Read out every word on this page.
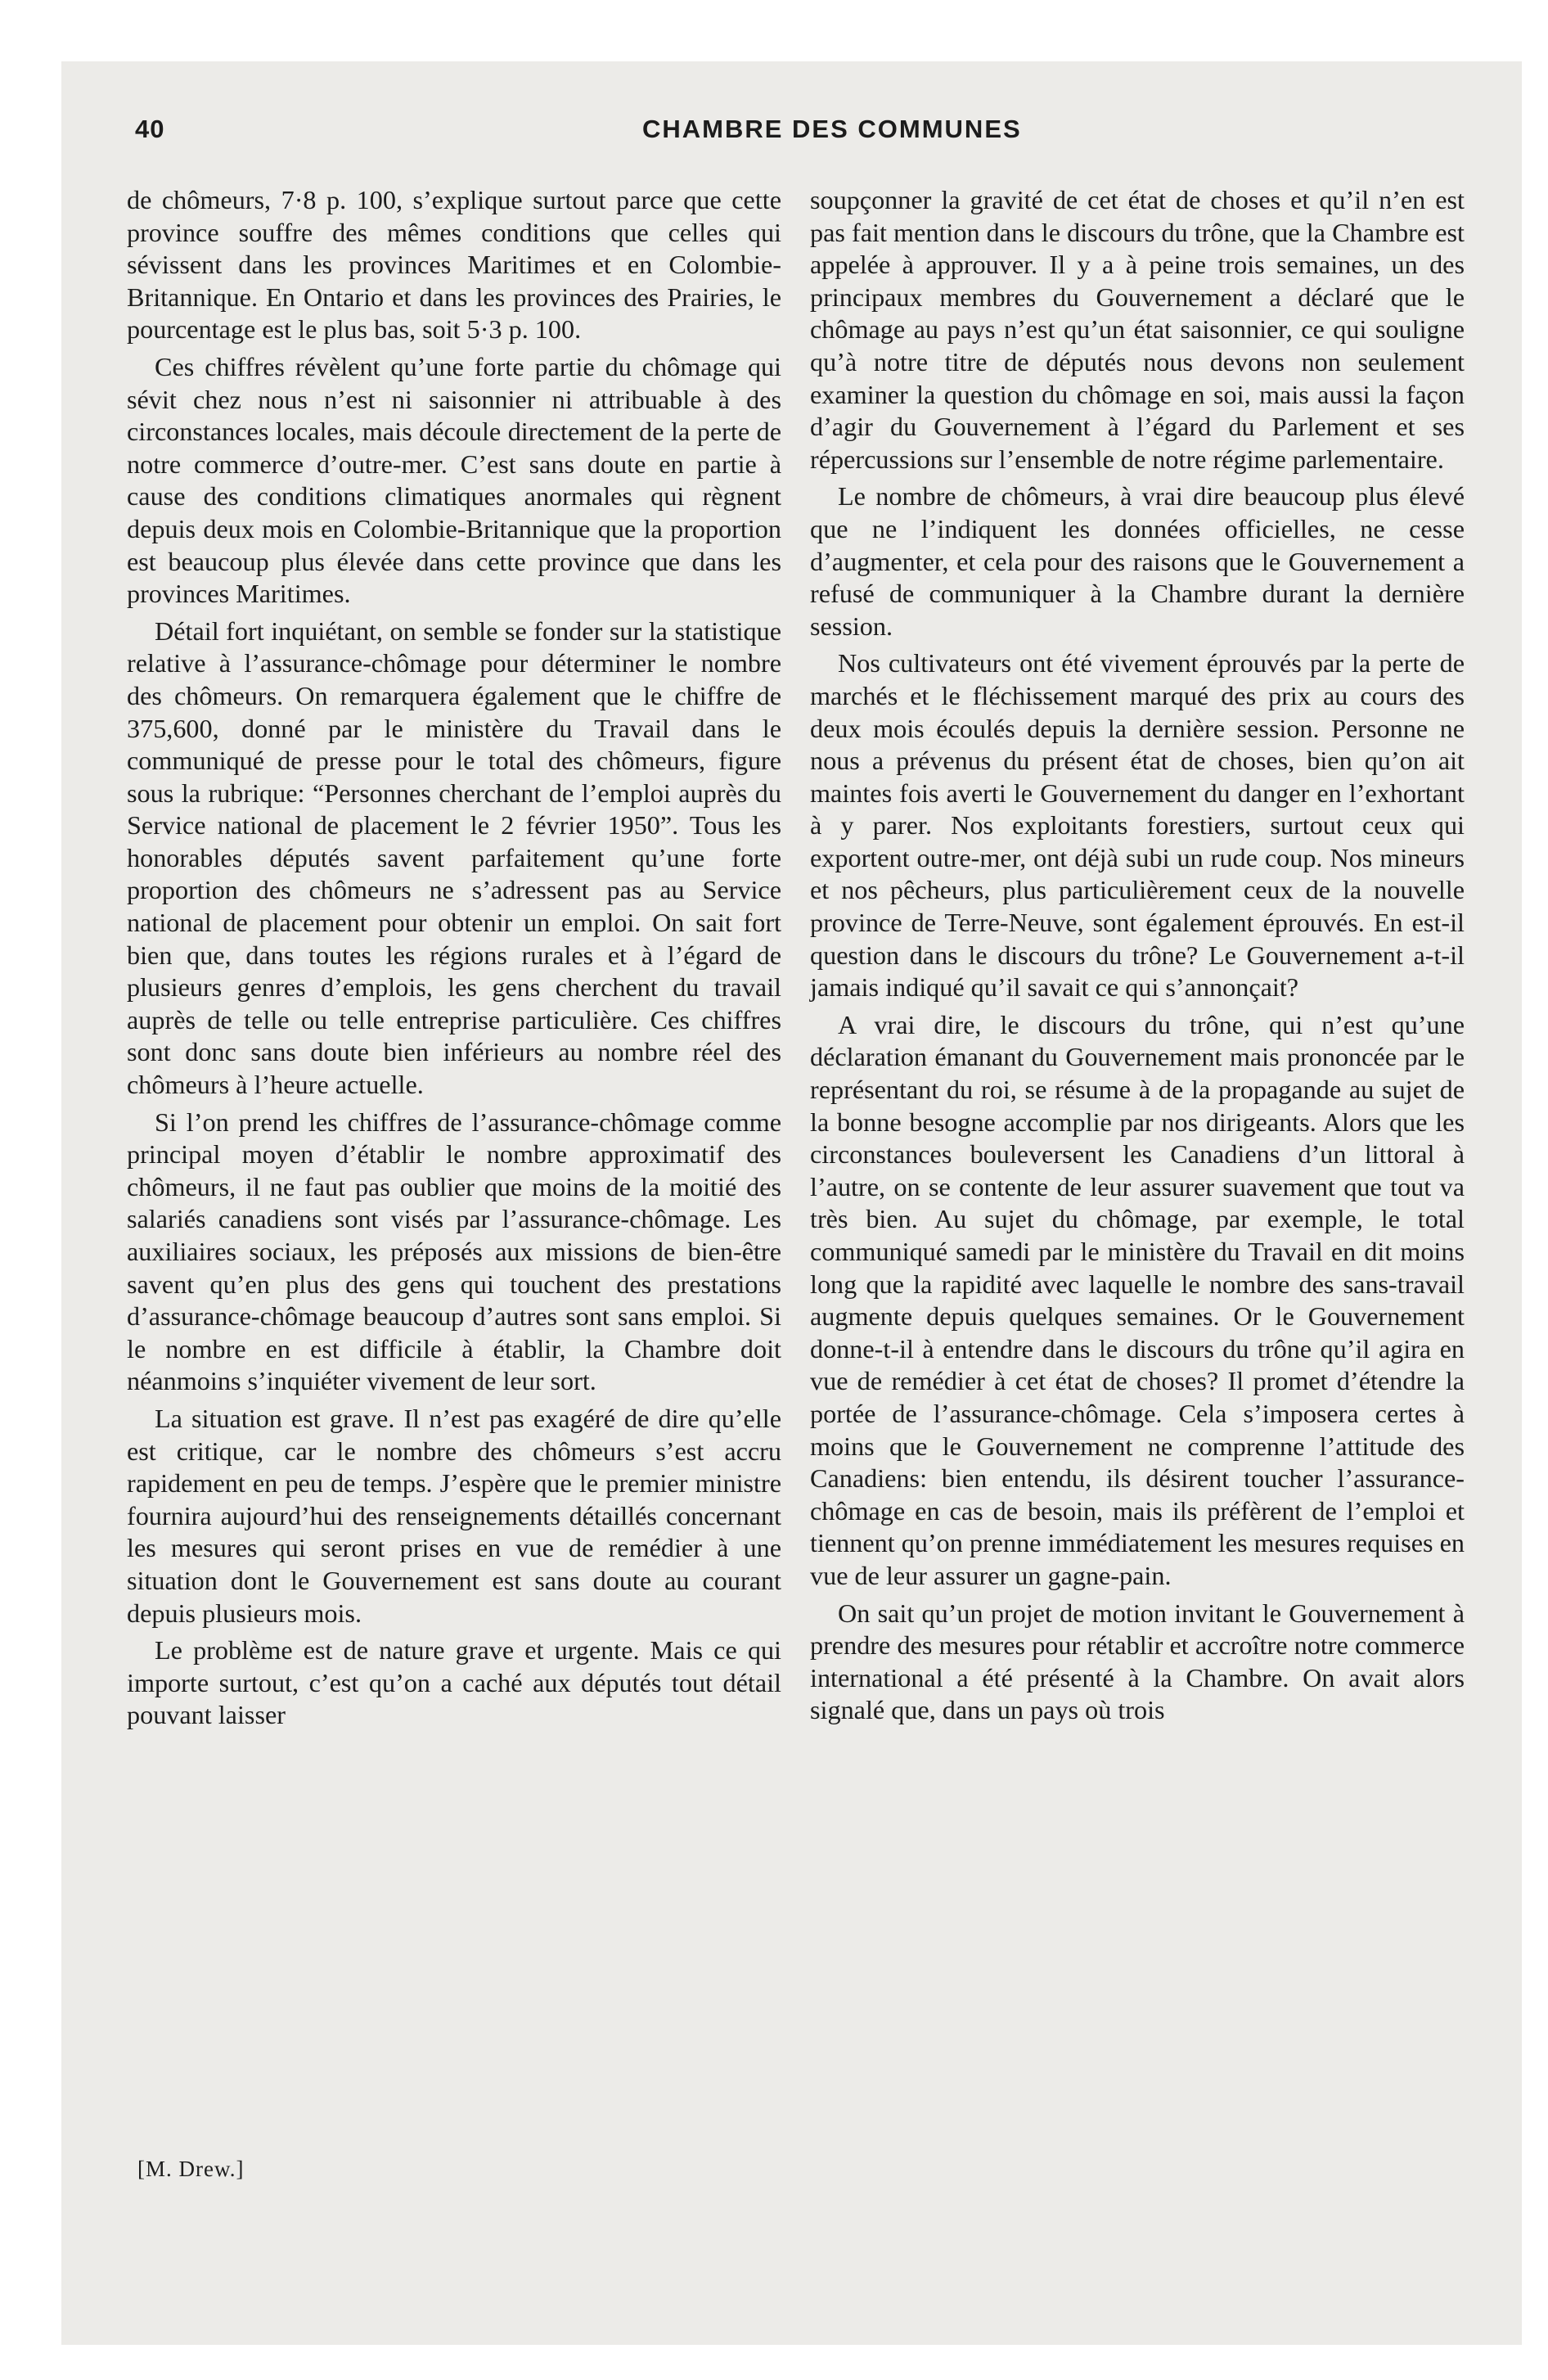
40	CHAMBRE DES COMMUNES

de chômeurs, 7·8 p. 100, s’explique surtout parce que cette province souffre des mêmes conditions que celles qui sévissent dans les provinces Maritimes et en Colombie-Britannique. En Ontario et dans les provinces des Prairies, le pourcentage est le plus bas, soit 5·3 p. 100.

Ces chiffres révèlent qu’une forte partie du chômage qui sévit chez nous n’est ni saisonnier ni attribuable à des circonstances locales, mais découle directement de la perte de notre commerce d’outre-mer. C’est sans doute en partie à cause des conditions climatiques anormales qui règnent depuis deux mois en Colombie-Britannique que la proportion est beaucoup plus élevée dans cette province que dans les provinces Maritimes.

Détail fort inquiétant, on semble se fonder sur la statistique relative à l’assurance-chômage pour déterminer le nombre des chômeurs. On remarquera également que le chiffre de 375,600, donné par le ministère du Travail dans le communiqué de presse pour le total des chômeurs, figure sous la rubrique: “Personnes cherchant de l’emploi auprès du Service national de placement le 2 février 1950”. Tous les honorables députés savent parfaitement qu’une forte proportion des chômeurs ne s’adressent pas au Service national de placement pour obtenir un emploi. On sait fort bien que, dans toutes les régions rurales et à l’égard de plusieurs genres d’emplois, les gens cherchent du travail auprès de telle ou telle entreprise particulière. Ces chiffres sont donc sans doute bien inférieurs au nombre réel des chômeurs à l’heure actuelle.

Si l’on prend les chiffres de l’assurance-chômage comme principal moyen d’établir le nombre approximatif des chômeurs, il ne faut pas oublier que moins de la moitié des salariés canadiens sont visés par l’assurance-chômage. Les auxiliaires sociaux, les préposés aux missions de bien-être savent qu’en plus des gens qui touchent des prestations d’assurance-chômage beaucoup d’autres sont sans emploi. Si le nombre en est difficile à établir, la Chambre doit néanmoins s’inquiéter vivement de leur sort.

La situation est grave. Il n’est pas exagéré de dire qu’elle est critique, car le nombre des chômeurs s’est accru rapidement en peu de temps. J’espère que le premier ministre fournira aujourd’hui des renseignements détaillés concernant les mesures qui seront prises en vue de remédier à une situation dont le Gouvernement est sans doute au courant depuis plusieurs mois.

Le problème est de nature grave et urgente. Mais ce qui importe surtout, c’est qu’on a caché aux députés tout détail pouvant laisser

soupçonner la gravité de cet état de choses et qu’il n’en est pas fait mention dans le discours du trône, que la Chambre est appelée à approuver. Il y a à peine trois semaines, un des principaux membres du Gouvernement a déclaré que le chômage au pays n’est qu’un état saisonnier, ce qui souligne qu’à notre titre de députés nous devons non seulement examiner la question du chômage en soi, mais aussi la façon d’agir du Gouvernement à l’égard du Parlement et ses répercussions sur l’ensemble de notre régime parlementaire.

Le nombre de chômeurs, à vrai dire beaucoup plus élevé que ne l’indiquent les données officielles, ne cesse d’augmenter, et cela pour des raisons que le Gouvernement a refusé de communiquer à la Chambre durant la dernière session.

Nos cultivateurs ont été vivement éprouvés par la perte de marchés et le fléchissement marqué des prix au cours des deux mois écoulés depuis la dernière session. Personne ne nous a prévenus du présent état de choses, bien qu’on ait maintes fois averti le Gouvernement du danger en l’exhortant à y parer. Nos exploitants forestiers, surtout ceux qui exportent outre-mer, ont déjà subi un rude coup. Nos mineurs et nos pêcheurs, plus particulièrement ceux de la nouvelle province de Terre-Neuve, sont également éprouvés. En est-il question dans le discours du trône? Le Gouvernement a-t-il jamais indiqué qu’il savait ce qui s’annonçait?

A vrai dire, le discours du trône, qui n’est qu’une déclaration émanant du Gouvernement mais prononcée par le représentant du roi, se résume à de la propagande au sujet de la bonne besogne accomplie par nos dirigeants. Alors que les circonstances bouleversent les Canadiens d’un littoral à l’autre, on se contente de leur assurer suavement que tout va très bien. Au sujet du chômage, par exemple, le total communiqué samedi par le ministère du Travail en dit moins long que la rapidité avec laquelle le nombre des sans-travail augmente depuis quelques semaines. Or le Gouvernement donne-t-il à entendre dans le discours du trône qu’il agira en vue de remédier à cet état de choses? Il promet d’étendre la portée de l’assurance-chômage. Cela s’imposera certes à moins que le Gouvernement ne comprenne l’attitude des Canadiens: bien entendu, ils désirent toucher l’assurance-chômage en cas de besoin, mais ils préfèrent de l’emploi et tiennent qu’on prenne immédiatement les mesures requises en vue de leur assurer un gagne-pain.

On sait qu’un projet de motion invitant le Gouvernement à prendre des mesures pour rétablir et accroître notre commerce international a été présenté à la Chambre. On avait alors signalé que, dans un pays où trois

[M. Drew.]
